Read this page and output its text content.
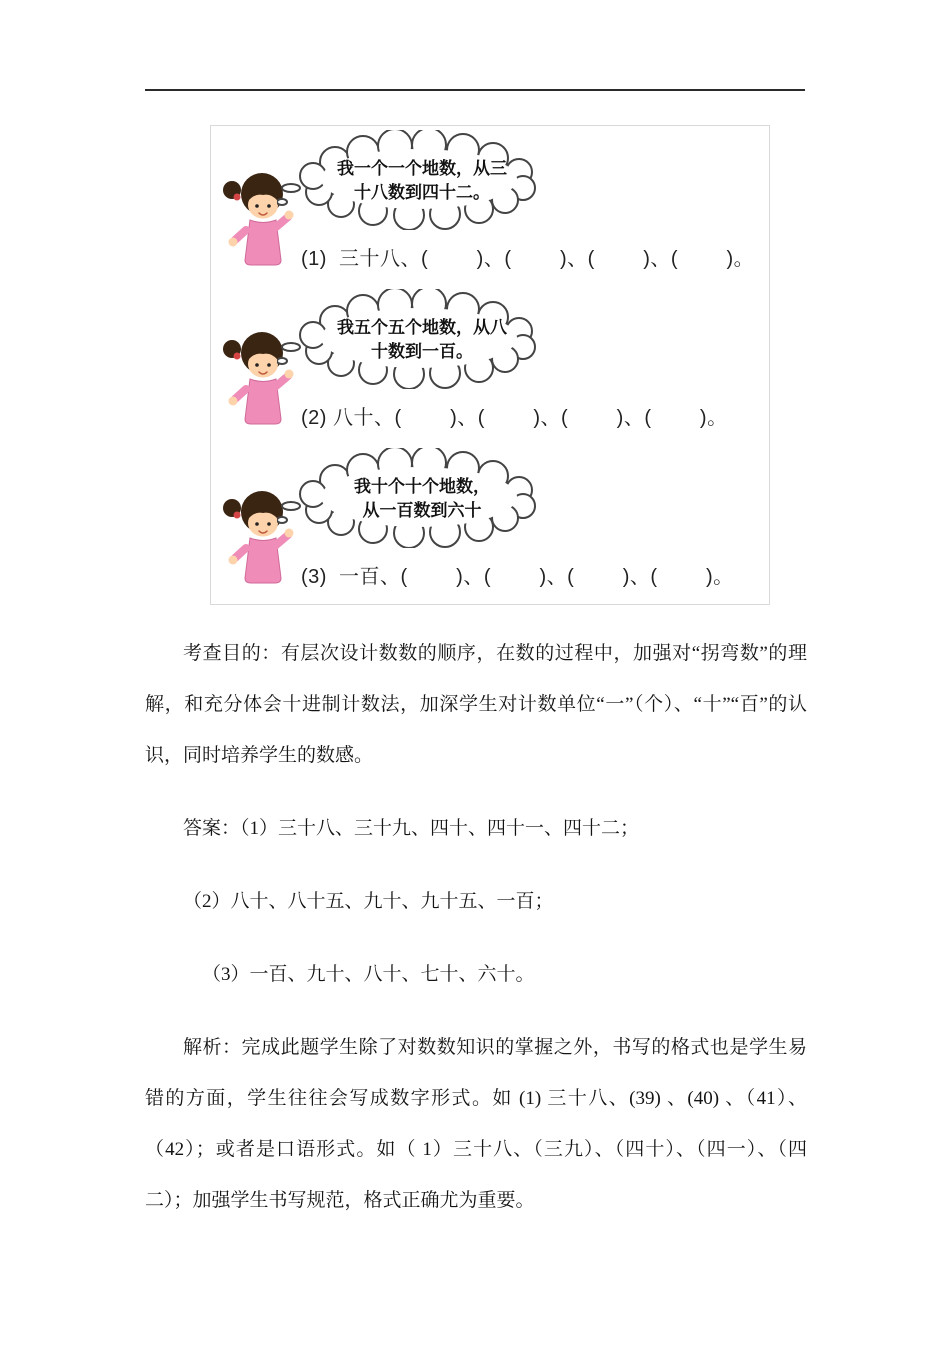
我一个一个地数，从三
十八数到四十二。
(1)  三十八、(        )、(        )、(        )、(        )。
我五个五个地数，从八
十数到一百。
(2) 八十、(        )、(        )、(        )、(        )。
我十个十个地数，
从一百数到六十
(3)  一百、(        )、(        )、(        )、(        )。

考查目的：有层次设计数数的顺序，在数的过程中，加强对“拐弯数”的理解，和充分体会十进制计数法，加深学生对计数单位“一”（个）、“十”“百”的认识，同时培养学生的数感。

答案：（1）三十八、三十九、四十、四十一、四十二；

（2）八十、八十五、九十、九十五、一百；

（3）一百、九十、八十、七十、六十。

解析：完成此题学生除了对数数知识的掌握之外，书写的格式也是学生易错的方面，学生往往会写成数字形式。如 (1) 三十八、(39) 、(40) 、（41）、（42）；或者是口语形式。如（ 1）三十八、（三九）、（四十）、（四一）、（四二）；加强学生书写规范，格式正确尤为重要。
